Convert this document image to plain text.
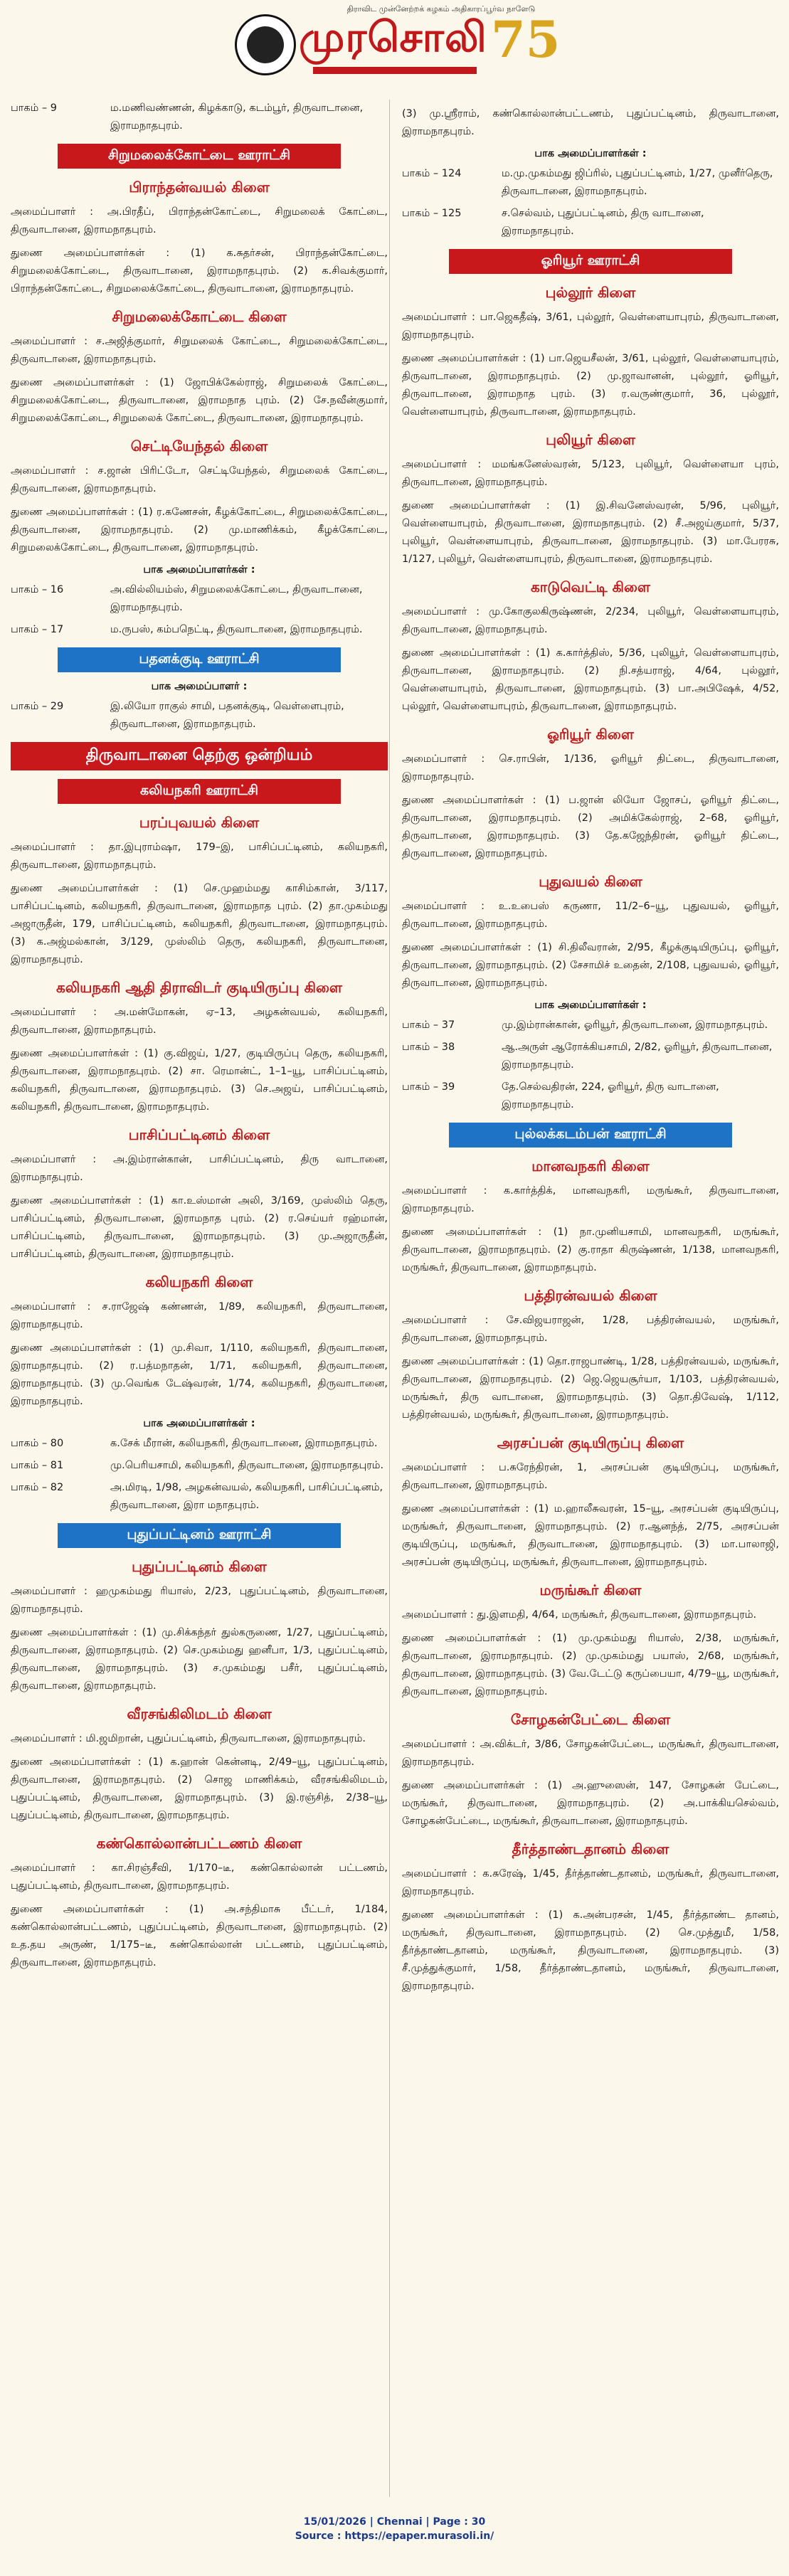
திராவிட முன்னேற்றக் கழகம் அதிகாரப்பூர்வ நாளேடு
முரசொலி 75
பாகம் – 9	ம.மணிவண்ணன், கிழக்காடு, கடம்பூர், திருவாடானை, இராமநாதபுரம்.
சிறுமலைக்கோட்டை ஊராட்சி
பிராந்தன்வயல் கிளை
அமைப்பாளர் : அ.பிரதீப், பிராந்தன்கோட்டை, சிறுமலைக் கோட்டை, திருவாடானை, இராமநாதபுரம்.
துணை அமைப்பாளர்கள் : (1) க.சுதர்சன், பிராந்தன்கோட்டை, சிறுமலைக்கோட்டை, திருவாடானை, இராமநாதபுரம். (2) க.சிவக்குமார், பிராந்தன்கோட்டை, சிறுமலைக்கோட்டை, திருவாடானை, இராமநாதபுரம்.
சிறுமலைக்கோட்டை கிளை
அமைப்பாளர் : ச.அஜித்குமார், சிறுமலைக் கோட்டை, சிறுமலைக்கோட்டை, திருவாடானை, இராமநாதபுரம்.
துணை அமைப்பாளர்கள் : (1) ஜோபிக்கேல்ராஜ், சிறுமலைக் கோட்டை, சிறுமலைக்கோட்டை, திருவாடானை, இராமநாத புரம். (2) சே.நவீன்குமார், சிறுமலைக்கோட்டை, சிறுமலைக் கோட்டை, திருவாடானை, இராமநாதபுரம்.
செட்டியேந்தல் கிளை
அமைப்பாளர் : ச.ஜான் பிரிட்டோ, செட்டியேந்தல், சிறுமலைக் கோட்டை, திருவாடானை, இராமநாதபுரம்.
துணை அமைப்பாளர்கள் : (1) ர.கணேசன், கீழக்கோட்டை, சிறுமலைக்கோட்டை, திருவாடானை, இராமநாதபுரம். (2) மு.மாணிக்கம், கீழக்கோட்டை, சிறுமலைக்கோட்டை, திருவாடானை, இராமநாதபுரம்.
பாக அமைப்பாளர்கள் :
பாகம் – 16	அ.வில்லியம்ஸ், சிறுமலைக்கோட்டை, திருவாடானை, இராமநாதபுரம்.
பாகம் – 17	ம.ருபஸ், கம்பநெட்டி, திருவாடானை, இராமநாதபுரம்.
பதனக்குடி ஊராட்சி
பாக அமைப்பாளர் :
பாகம் – 29	இ.லியோ ராகுல் சாமி, பதனக்குடி, வெள்ளைபுரம், திருவாடானை, இராமநாதபுரம்.
திருவாடானை தெற்கு ஒன்றியம்
கலியநகரி ஊராட்சி
பரப்புவயல் கிளை
அமைப்பாளர் : தா.இபுராம்ஷா, 179–இ, பாசிப்பட்டினம், கலியநகரி, திருவாடானை, இராமநாதபுரம்.
துணை அமைப்பாளர்கள் : (1) செ.முஹம்மது காசிம்கான், 3/117, பாசிப்பட்டினம், கலியநகரி, திருவாடானை, இராமநாத புரம். (2) தா.முகம்மது அஜாருதீன், 179, பாசிப்பட்டினம், கலியநகரி, திருவாடானை, இராமநாதபுரம். (3) க.அஜ்மல்கான், 3/129, முஸ்லிம் தெரு, கலியநகரி, திருவாடானை, இராமநாதபுரம்.
கலியநகரி ஆதி திராவிடர் குடியிருப்பு கிளை
அமைப்பாளர் : அ.மன்மோகன், ஏ–13, அழகன்வயல், கலியநகரி, திருவாடானை, இராமநாதபுரம்.
துணை அமைப்பாளர்கள் : (1) கு.விஜய், 1/27, குடியிருப்பு தெரு, கலியநகரி, திருவாடானை, இராமநாதபுரம். (2) சா. ரெமான்ட், 1–1–யூ, பாசிப்பட்டினம், கலியநகரி, திருவாடானை, இராமநாதபுரம். (3) செ.அஜய், பாசிப்பட்டினம், கலியநகரி, திருவாடானை, இராமநாதபுரம்.
பாசிப்பட்டினம் கிளை
அமைப்பாளர் : அ.இம்ரான்கான், பாசிப்பட்டினம், திரு வாடானை, இராமநாதபுரம்.
துணை அமைப்பாளர்கள் : (1) கா.உஸ்மான் அலி, 3/169, முஸ்லிம் தெரு, பாசிப்பட்டினம், திருவாடானை, இராமநாத புரம். (2) ர.செய்யர் ரஹ்மான், பாசிப்பட்டினம், திருவாடானை, இராமநாதபுரம். (3) மு.அஜாருதீன், பாசிப்பட்டினம், திருவாடானை, இராமநாதபுரம்.
கலியநகரி கிளை
அமைப்பாளர் : ச.ராஜேஷ் கண்ணன், 1/89, கலியநகரி, திருவாடானை, இராமநாதபுரம்.
துணை அமைப்பாளர்கள் : (1) மு.சிவா, 1/110, கலியநகரி, திருவாடானை, இராமநாதபுரம். (2) ர.பத்மநாதன், 1/71, கலியநகரி, திருவாடானை, இராமநாதபுரம். (3) மு.வெங்க டேஷ்வரன், 1/74, கலியநகரி, திருவாடானை, இராமநாதபுரம்.
பாக அமைப்பாளர்கள் :
பாகம் – 80	க.சேக் மீரான், கலியநகரி, திருவாடானை, இராமநாதபுரம்.
பாகம் – 81	மு.பெரியசாமி, கலியநகரி, திருவாடானை, இராமநாதபுரம்.
பாகம் – 82	அ.மிரடி, 1/98, அழகன்வயல், கலியநகரி, பாசிப்பட்டினம், திருவாடானை, இரா மநாதபுரம்.
புதுப்பட்டினம் ஊராட்சி
புதுப்பட்டினம் கிளை
அமைப்பாளர் : ஹமுகம்மது ரியாஸ், 2/23, புதுப்பட்டினம், திருவாடானை, இராமநாதபுரம்.
துணை அமைப்பாளர்கள் : (1) மு.சிக்கந்தர் துல்கருணை, 1/27, புதுப்பட்டினம், திருவாடானை, இராமநாதபுரம். (2) செ.முகம்மது ஹனீபா, 1/3, புதுப்பட்டினம், திருவாடானை, இராமநாதபுரம். (3) ச.முகம்மது பசீர், புதுப்பட்டினம், திருவாடானை, இராமநாதபுரம்.
வீரசங்கிலிமடம் கிளை
அமைப்பாளர் : மி.ஜமிறான், புதுப்பட்டினம், திருவாடானை, இராமநாதபுரம்.
துணை அமைப்பாளர்கள் : (1) க.ஹான் கென்னடி, 2/49–யூ, புதுப்பட்டினம், திருவாடானை, இராமநாதபுரம். (2) சொஜ மாணிக்கம், வீரசங்கிலிமடம், புதுப்பட்டினம், திருவாடானை, இராமநாதபுரம். (3) இ.ரஞ்சித், 2/38–யூ, புதுப்பட்டினம், திருவாடானை, இராமநாதபுரம்.
கண்கொல்லான்பட்டணம் கிளை
அமைப்பாளர் : கா.சிரஞ்சீவி, 1/170–டீ, கண்கொல்லான் பட்டணம், புதுப்பட்டினம், திருவாடானை, இராமநாதபுரம்.
துணை அமைப்பாளர்கள் : (1) அ.சந்திமாசு பீட்டர், 1/184, கண்கொல்லான்பட்டணம், புதுப்பட்டினம், திருவாடானை, இராமநாதபுரம். (2) உத.தய அருண், 1/175–டீ, கண்கொல்லான் பட்டணம், புதுப்பட்டினம், திருவாடானை, இராமநாதபுரம்.
(3) மு.ஸ்ரீராம், கண்கொல்லான்பட்டணம், புதுப்பட்டினம், திருவாடானை, இராமநாதபுரம்.
பாக அமைப்பாளர்கள் :
பாகம் – 124	ம.மு.முகம்மது ஜிப்ரில், புதுப்பட்டினம், 1/27, முனீர்தெரு, திருவாடானை, இராமநாதபுரம்.
பாகம் – 125	ச.செல்வம், புதுப்பட்டினம், திரு வாடானை, இராமநாதபுரம்.
ஓரியூர் ஊராட்சி
புல்லூர் கிளை
அமைப்பாளர் : பா.ஜெகதீஷ், 3/61, புல்லூர், வெள்ளையாபுரம், திருவாடானை, இராமநாதபுரம்.
துணை அமைப்பாளர்கள் : (1) பா.ஜெயசீலன், 3/61, புல்லூர், வெள்ளையாபுரம், திருவாடானை, இராமநாதபுரம். (2) மு.ஜாவானன், புல்லூர், ஓரியூர், திருவாடானை, இராமநாத புரம். (3) ர.வருண்குமார், 36, புல்லூர், வெள்ளையாபுரம், திருவாடானை, இராமநாதபுரம்.
புலியூர் கிளை
அமைப்பாளர் : மமங்கனேஸ்வரன், 5/123, புலியூர், வெள்ளையா புரம், திருவாடானை, இராமநாதபுரம்.
துணை அமைப்பாளர்கள் : (1) இ.சிவனேஸ்வரன், 5/96, புலியூர், வெள்ளையாபுரம், திருவாடானை, இராமநாதபுரம். (2) சீ.அஜய்குமார், 5/37, புலியூர், வெள்ளையாபுரம், திருவாடானை, இராமநாதபுரம். (3) மா.பேரரசு, 1/127, புலியூர், வெள்ளையாபுரம், திருவாடானை, இராமநாதபுரம்.
காடுவெட்டி கிளை
அமைப்பாளர் : மு.கோகுலகிருஷ்ணன், 2/234, புலியூர், வெள்ளையாபுரம், திருவாடானை, இராமநாதபுரம்.
துணை அமைப்பாளர்கள் : (1) க.கார்த்திஸ், 5/36, புலியூர், வெள்ளையாபுரம், திருவாடானை, இராமநாதபுரம். (2) நி.சத்யராஜ், 4/64, புல்லூர், வெள்ளையாபுரம், திருவாடானை, இராமநாதபுரம். (3) பா.அபிஷேக், 4/52, புல்லூர், வெள்ளையாபுரம், திருவாடானை, இராமநாதபுரம்.
ஓரியூர் கிளை
அமைப்பாளர் : செ.ராபின், 1/136, ஓரியூர் திட்டை, திருவாடானை, இராமநாதபுரம்.
துணை அமைப்பாளர்கள் : (1) ப.ஜான் லியோ ஜோசப், ஓரியூர் திட்டை, திருவாடானை, இராமநாதபுரம். (2) அமிக்கேல்ராஜ், 2–68, ஓரியூர், திருவாடானை, இராமநாதபுரம். (3) தே.கஜேந்திரன், ஓரியூர் திட்டை, திருவாடானை, இராமநாதபுரம்.
புதுவயல் கிளை
அமைப்பாளர் : உ.உபைஸ் கருணா, 11/2–6–யூ, புதுவயல், ஓரியூர், திருவாடானை, இராமநாதபுரம்.
துணை அமைப்பாளர்கள் : (1) சி.திலீவரான், 2/95, கீழக்குடியிருப்பு, ஓரியூர், திருவாடானை, இராமநாதபுரம். (2) சேசாமிச் உதைன், 2/108, புதுவயல், ஓரியூர், திருவாடானை, இராமநாதபுரம்.
பாக அமைப்பாளர்கள் :
பாகம் – 37	மு.இம்ரான்கான், ஓரியூர், திருவாடானை, இராமநாதபுரம்.
பாகம் – 38	ஆ.அருள் ஆரோக்கியசாமி, 2/82, ஓரியூர், திருவாடானை, இராமநாதபுரம்.
பாகம் – 39	தே.செல்வதிரன், 224, ஓரியூர், திரு வாடானை, இராமநாதபுரம்.
புல்லக்கடம்பன் ஊராட்சி
மானவநகரி கிளை
அமைப்பாளர் : க.கார்த்திக், மானவநகரி, மருங்கூர், திருவாடானை, இராமநாதபுரம்.
துணை அமைப்பாளர்கள் : (1) நா.முனியசாமி, மானவநகரி, மருங்கூர், திருவாடானை, இராமநாதபுரம். (2) கு.ராதா கிருஷ்ணன், 1/138, மானவநகரி, மருங்கூர், திருவாடானை, இராமநாதபுரம்.
பத்திரன்வயல் கிளை
அமைப்பாளர் : சே.விஜயராஜன், 1/28, பத்திரன்வயல், மருங்கூர், திருவாடானை, இராமநாதபுரம்.
துணை அமைப்பாளர்கள் : (1) தொ.ராஜபாண்டி, 1/28, பத்திரன்வயல், மருங்கூர், திருவாடானை, இராமநாதபுரம். (2) ஜெ.ஜெயசூர்யா, 1/103, பத்திரன்வயல், மருங்கூர், திரு வாடானை, இராமநாதபுரம். (3) தொ.திவேஷ், 1/112, பத்திரன்வயல், மருங்கூர், திருவாடானை, இராமநாதபுரம்.
அரசப்பன் குடியிருப்பு கிளை
அமைப்பாளர் : ப.சுரேந்திரன், 1, அரசப்பன் குடியிருப்பு, மருங்கூர், திருவாடானை, இராமநாதபுரம்.
துணை அமைப்பாளர்கள் : (1) ம.ஹாலீசுவரன், 15–யூ, அரசப்பன் குடியிருப்பு, மருங்கூர், திருவாடானை, இராமநாதபுரம். (2) ர.ஆனந்த், 2/75, அரசப்பன் குடியிருப்பு, மருங்கூர், திருவாடானை, இராமநாதபுரம். (3) மா.பாலாஜி, அரசப்பன் குடியிருப்பு, மருங்கூர், திருவாடானை, இராமநாதபுரம்.
மருங்கூர் கிளை
அமைப்பாளர் : து.இளமதி, 4/64, மருங்கூர், திருவாடானை, இராமநாதபுரம்.
துணை அமைப்பாளர்கள் : (1) மு.முகம்மது ரியாஸ், 2/38, மருங்கூர், திருவாடானை, இராமநாதபுரம். (2) மு.முகம்மது பயாஸ், 2/68, மருங்கூர், திருவாடானை, இராமநாதபுரம். (3) வே.டேட்டு கருப்பையா, 4/79–யூ, மருங்கூர், திருவாடானை, இராமநாதபுரம்.
சோழகன்பேட்டை கிளை
அமைப்பாளர் : அ.விக்டர், 3/86, சோழகன்பேட்டை, மருங்கூர், திருவாடானை, இராமநாதபுரம்.
துணை அமைப்பாளர்கள் : (1) அ.ஹுஸைன், 147, சோழகன் பேட்டை, மருங்கூர், திருவாடானை, இராமநாதபுரம். (2) அ.பாக்கியசெல்வம், சோழகன்பேட்டை, மருங்கூர், திருவாடானை, இராமநாதபுரம்.
தீர்த்தாண்டதானம் கிளை
அமைப்பாளர் : க.சுரேஷ், 1/45, தீர்த்தாண்டதானம், மருங்கூர், திருவாடானை, இராமநாதபுரம்.
துணை அமைப்பாளர்கள் : (1) க.அன்பரசன், 1/45, தீர்த்தாண்ட தானம், மருங்கூர், திருவாடானை, இராமநாதபுரம். (2) செ.முத்துமீ, 1/58, தீர்த்தாண்டதானம், மருங்கூர், திருவாடானை, இராமநாதபுரம். (3) சீ.முத்துக்குமார், 1/58, தீர்த்தாண்டதானம், மருங்கூர், திருவாடானை, இராமநாதபுரம்.
15/01/2026 | Chennai | Page : 30
Source : https://epaper.murasoli.in/
